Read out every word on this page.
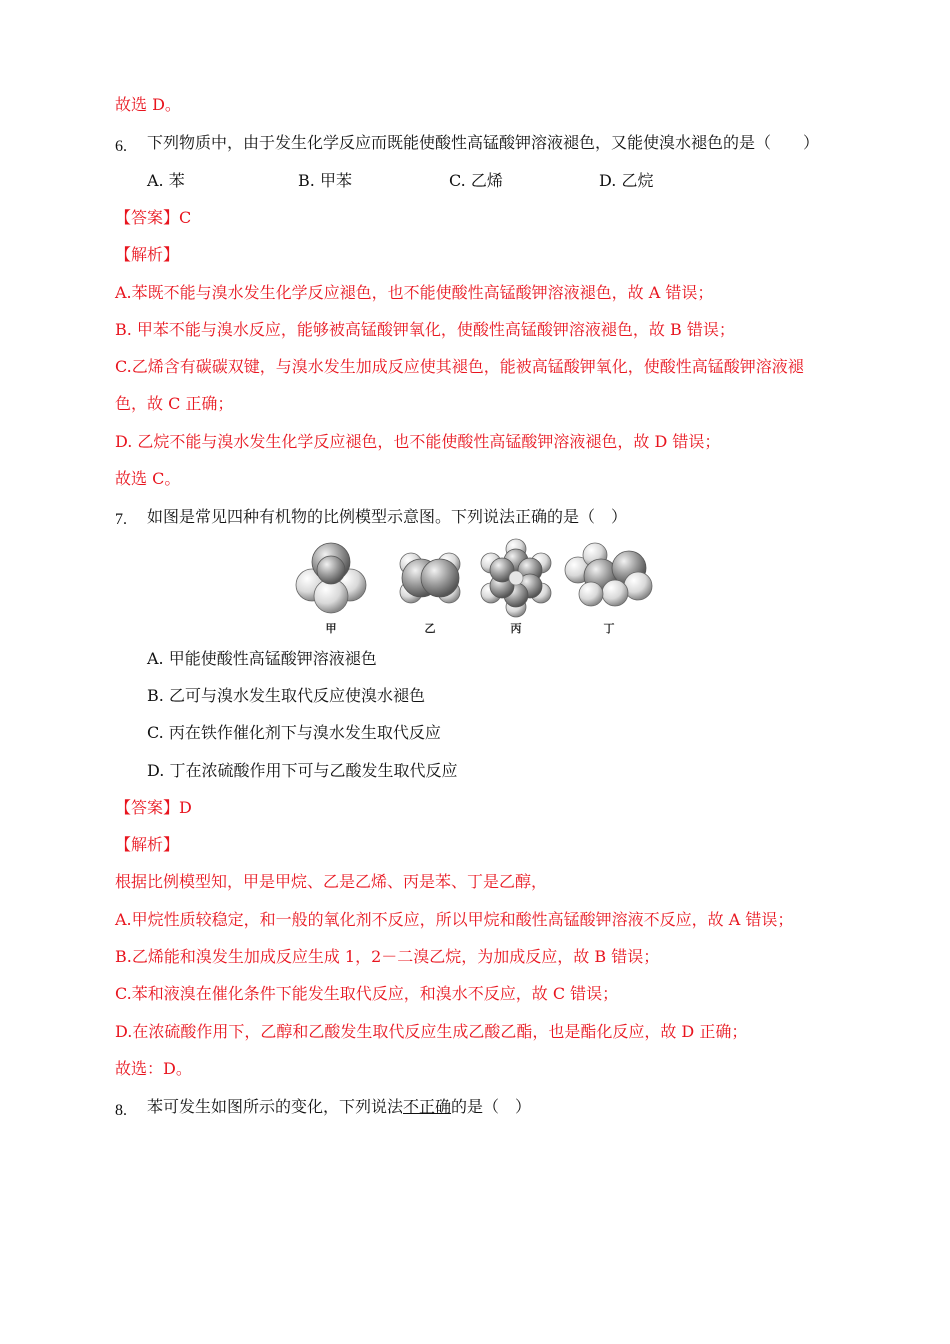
故选 D。
6. 下列物质中，由于发生化学反应而既能使酸性高锰酸钾溶液褪色，又能使溴水褪色的是（　　）
A. 苯	B. 甲苯	C. 乙烯	D. 乙烷
【答案】C
【解析】
A.苯既不能与溴水发生化学反应褪色，也不能使酸性高锰酸钾溶液褪色，故 A 错误；
B. 甲苯不能与溴水反应，能够被高锰酸钾氧化，使酸性高锰酸钾溶液褪色，故 B 错误；
C.乙烯含有碳碳双键，与溴水发生加成反应使其褪色，能被高锰酸钾氧化，使酸性高锰酸钾溶液褪
色，故 C 正确；
D. 乙烷不能与溴水发生化学反应褪色，也不能使酸性高锰酸钾溶液褪色，故 D 错误；
故选 C。
7. 如图是常见四种有机物的比例模型示意图。下列说法正确的是（　）
甲	乙	丙	丁
A. 甲能使酸性高锰酸钾溶液褪色
B. 乙可与溴水发生取代反应使溴水褪色
C. 丙在铁作催化剂下与溴水发生取代反应
D. 丁在浓硫酸作用下可与乙酸发生取代反应
【答案】D
【解析】
根据比例模型知，甲是甲烷、乙是乙烯、丙是苯、丁是乙醇，
A.甲烷性质较稳定，和一般的氧化剂不反应，所以甲烷和酸性高锰酸钾溶液不反应，故 A 错误；
B.乙烯能和溴发生加成反应生成 1，2－二溴乙烷，为加成反应，故 B 错误；
C.苯和液溴在催化条件下能发生取代反应，和溴水不反应，故 C 错误；
D.在浓硫酸作用下，乙醇和乙酸发生取代反应生成乙酸乙酯，也是酯化反应，故 D 正确；
故选：D。
8. 苯可发生如图所示的变化，下列说法不正确的是（　）
